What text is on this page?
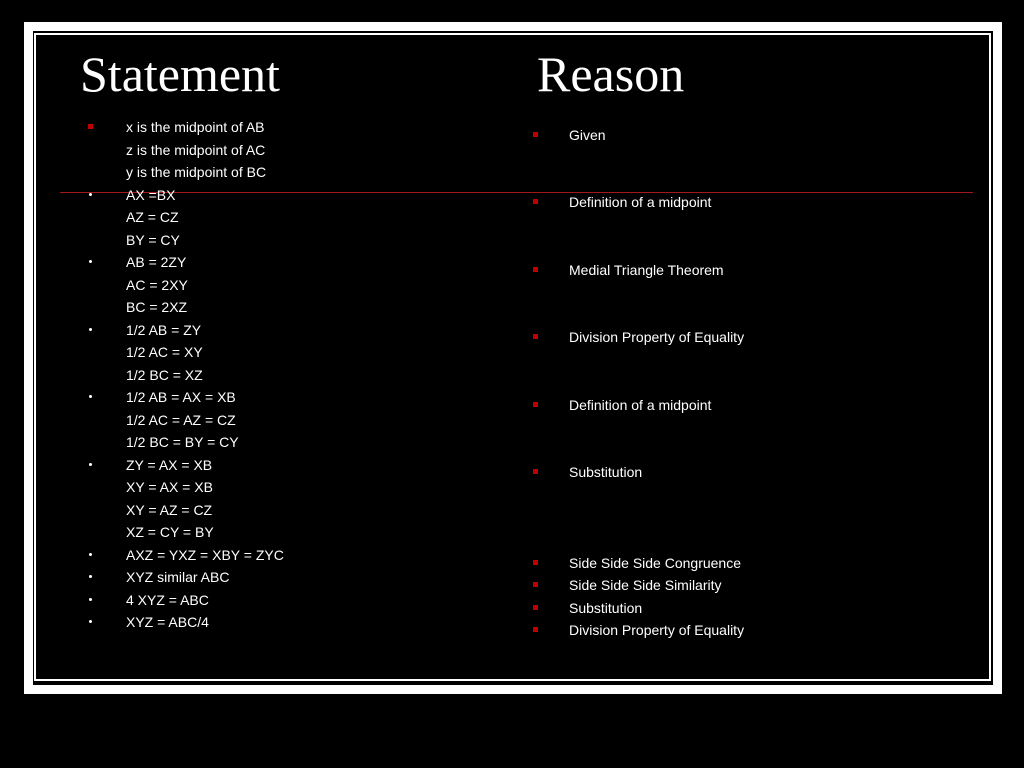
Statement	Reason
x is the midpoint of AB
z is the midpoint of AC
y is the midpoint of BC
AX =BX
AZ = CZ
BY = CY
AB = 2ZY
AC = 2XY
BC = 2XZ
1/2 AB = ZY
1/2 AC = XY
1/2 BC = XZ
1/2 AB = AX = XB
1/2 AC = AZ = CZ
1/2 BC = BY = CY
ZY = AX = XB
XY = AX = XB
XY = AZ = CZ
XZ = CY = BY
AXZ = YXZ = XBY = ZYC
XYZ similar ABC
4 XYZ = ABC
XYZ = ABC/4
Given
Definition of a midpoint
Medial Triangle Theorem
Division Property of Equality
Definition of a midpoint
Substitution
Side Side Side Congruence
Side Side Side Similarity
Substitution
Division Property of Equality
